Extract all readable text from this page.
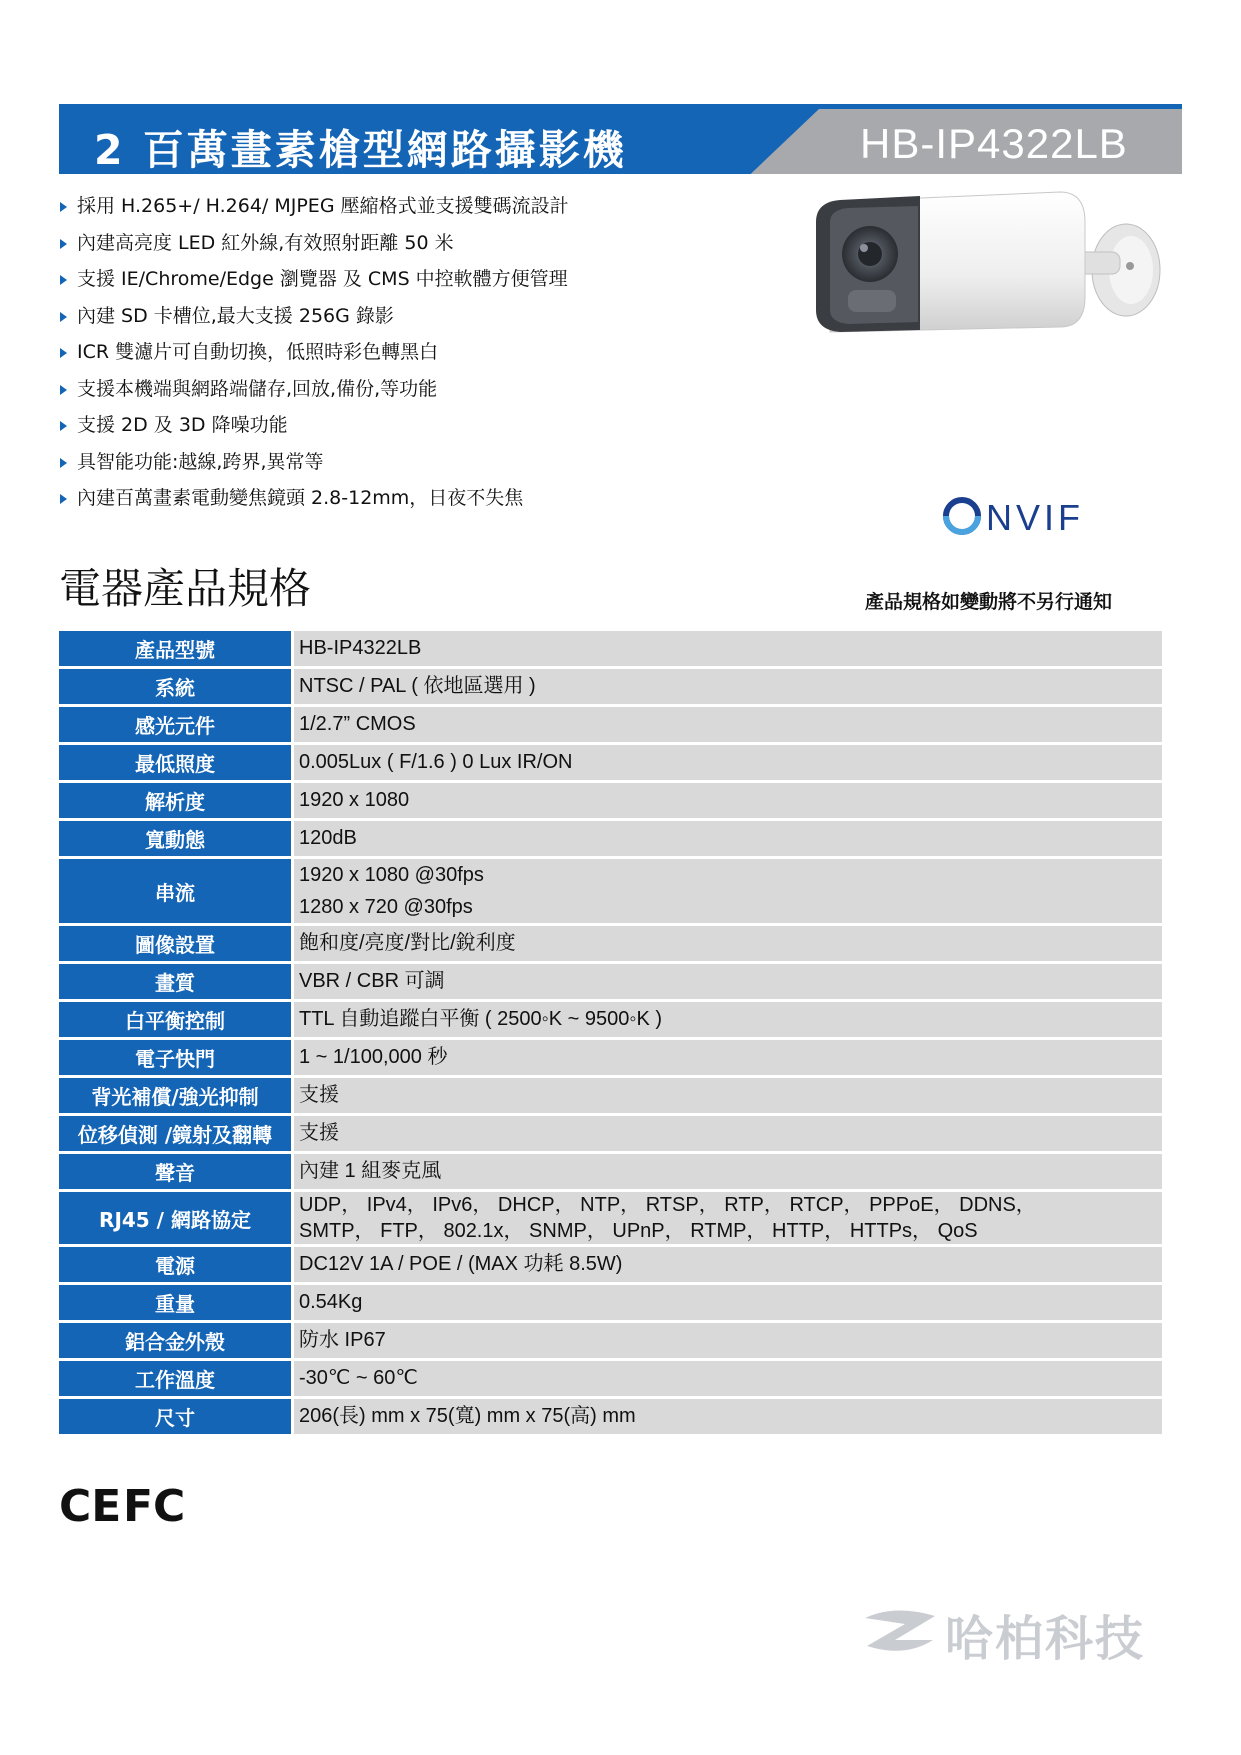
2 百萬畫素槍型網路攝影機	HB-IP4322LB
採用 H.265+/ H.264/ MJPEG 壓縮格式並支援雙碼流設計
內建高亮度 LED 紅外線,有效照射距離 50 米
支援 IE/Chrome/Edge 瀏覽器 及 CMS 中控軟體方便管理
內建 SD 卡槽位,最大支援 256G 錄影
ICR 雙濾片可自動切換，低照時彩色轉黑白
支援本機端與網路端儲存,回放,備份,等功能
支援 2D 及 3D 降噪功能
具智能功能:越線,跨界,異常等
內建百萬畫素電動變焦鏡頭 2.8-12mm，日夜不失焦	NVIF
電器產品規格	產品規格如變動將不另行通知
產品型號	HB-IP4322LB

系統	NTSC / PAL ( 依地區選用 )

感光元件	1/2.7” CMOS

最低照度	0.005Lux ( F/1.6 ) 0 Lux IR/ON

解析度	1920 x 1080

寬動態	120dB

串流	1920 x 1080 @30fps
1280 x 720 @30fps

圖像設置	飽和度/亮度/對比/銳利度

畫質	VBR / CBR 可調

白平衡控制	TTL 自動追蹤白平衡 ( 2500◦K ~ 9500◦K )

電子快門	1 ~ 1/100,000 秒

背光補償/強光抑制	支援

位移偵測 /鏡射及翻轉	支援

聲音	內建 1 組麥克風

RJ45 / 網路協定	UDP， IPv4， IPv6， DHCP， NTP， RTSP， RTP， RTCP， PPPoE， DDNS，
SMTP， FTP， 802.1x， SNMP， UPnP， RTMP， HTTP， HTTPs， QoS

電源	DC12V 1A / POE / (MAX 功耗 8.5W)

重量	0.54Kg

鋁合金外殼	防水 IP67

工作溫度	-30℃ ~ 60℃

尺寸	206(長) mm x 75(寬) mm x 75(高) mm
CE FC
哈柏科技
